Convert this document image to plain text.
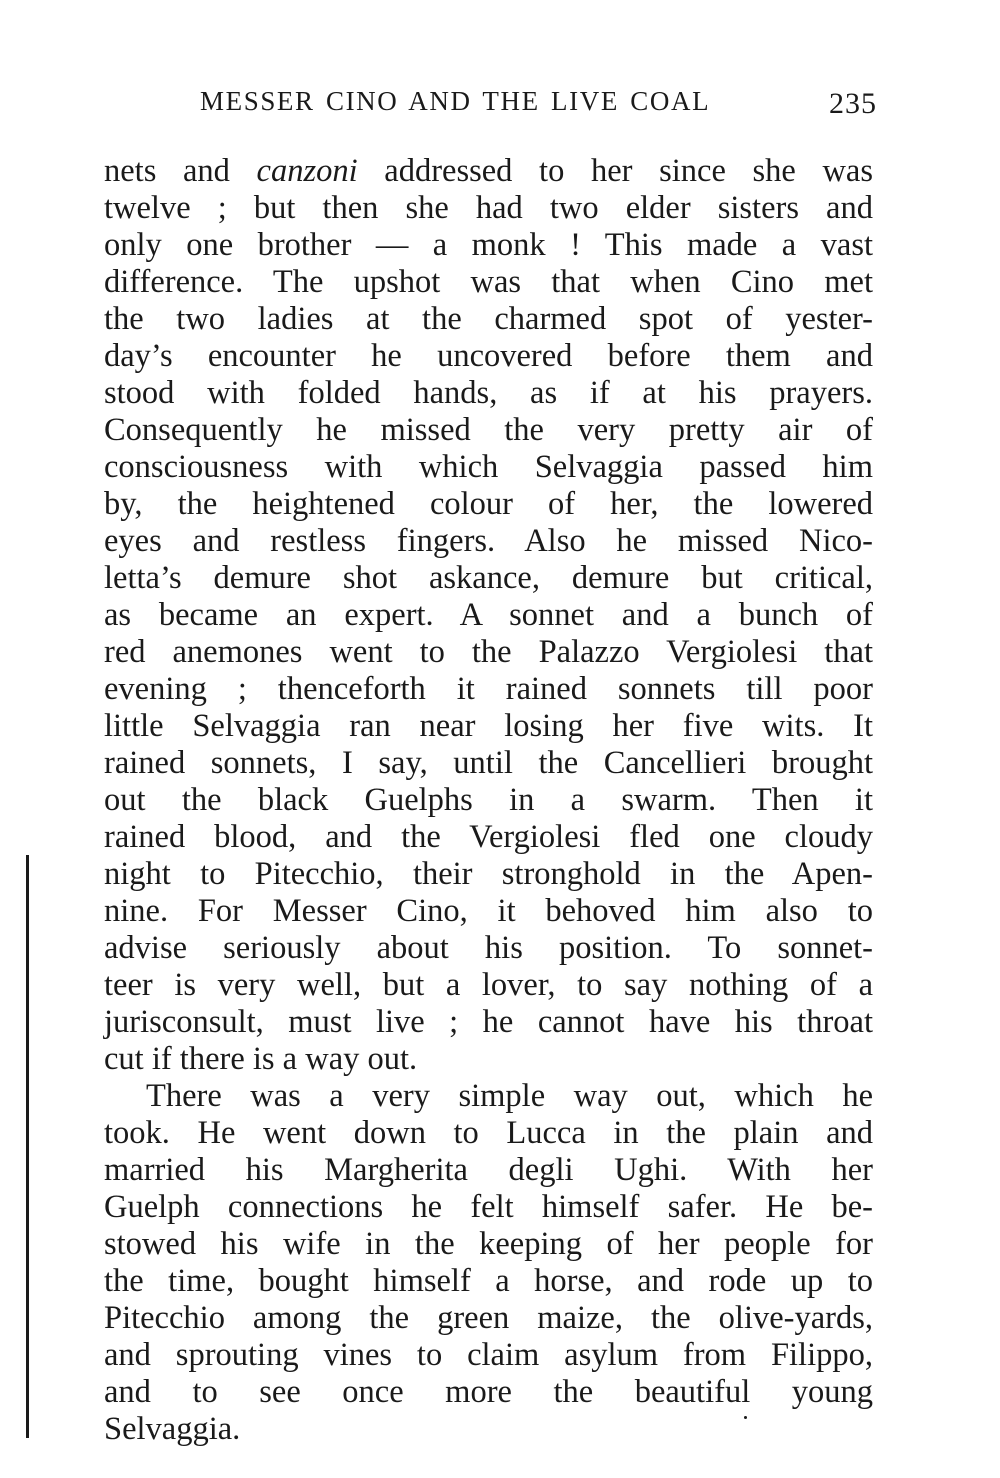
MESSER CINO AND THE LIVE COAL	235
nets and canzoni addressed to her since she was
twelve ; but then she had two elder sisters and
only one brother — a monk ! This made a vast
difference. The upshot was that when Cino met
the two ladies at the charmed spot of yester-
day’s encounter he uncovered before them and
stood with folded hands, as if at his prayers.
Consequently he missed the very pretty air of
consciousness with which Selvaggia passed him
by, the heightened colour of her, the lowered
eyes and restless fingers. Also he missed Nico-
letta’s demure shot askance, demure but critical,
as became an expert. A sonnet and a bunch of
red anemones went to the Palazzo Vergiolesi that
evening ; thenceforth it rained sonnets till poor
little Selvaggia ran near losing her five wits. It
rained sonnets, I say, until the Cancellieri brought
out the black Guelphs in a swarm. Then it
rained blood, and the Vergiolesi fled one cloudy
night to Pitecchio, their stronghold in the Apen-
nine. For Messer Cino, it behoved him also to
advise seriously about his position. To sonnet-
teer is very well, but a lover, to say nothing of a
jurisconsult, must live ; he cannot have his throat
cut if there is a way out.
There was a very simple way out, which he
took. He went down to Lucca in the plain and
married his Margherita degli Ughi. With her
Guelph connections he felt himself safer. He be-
stowed his wife in the keeping of her people for
the time, bought himself a horse, and rode up to
Pitecchio among the green maize, the olive-yards,
and sprouting vines to claim asylum from Filippo,
and to see once more the beautiful young
Selvaggia.
